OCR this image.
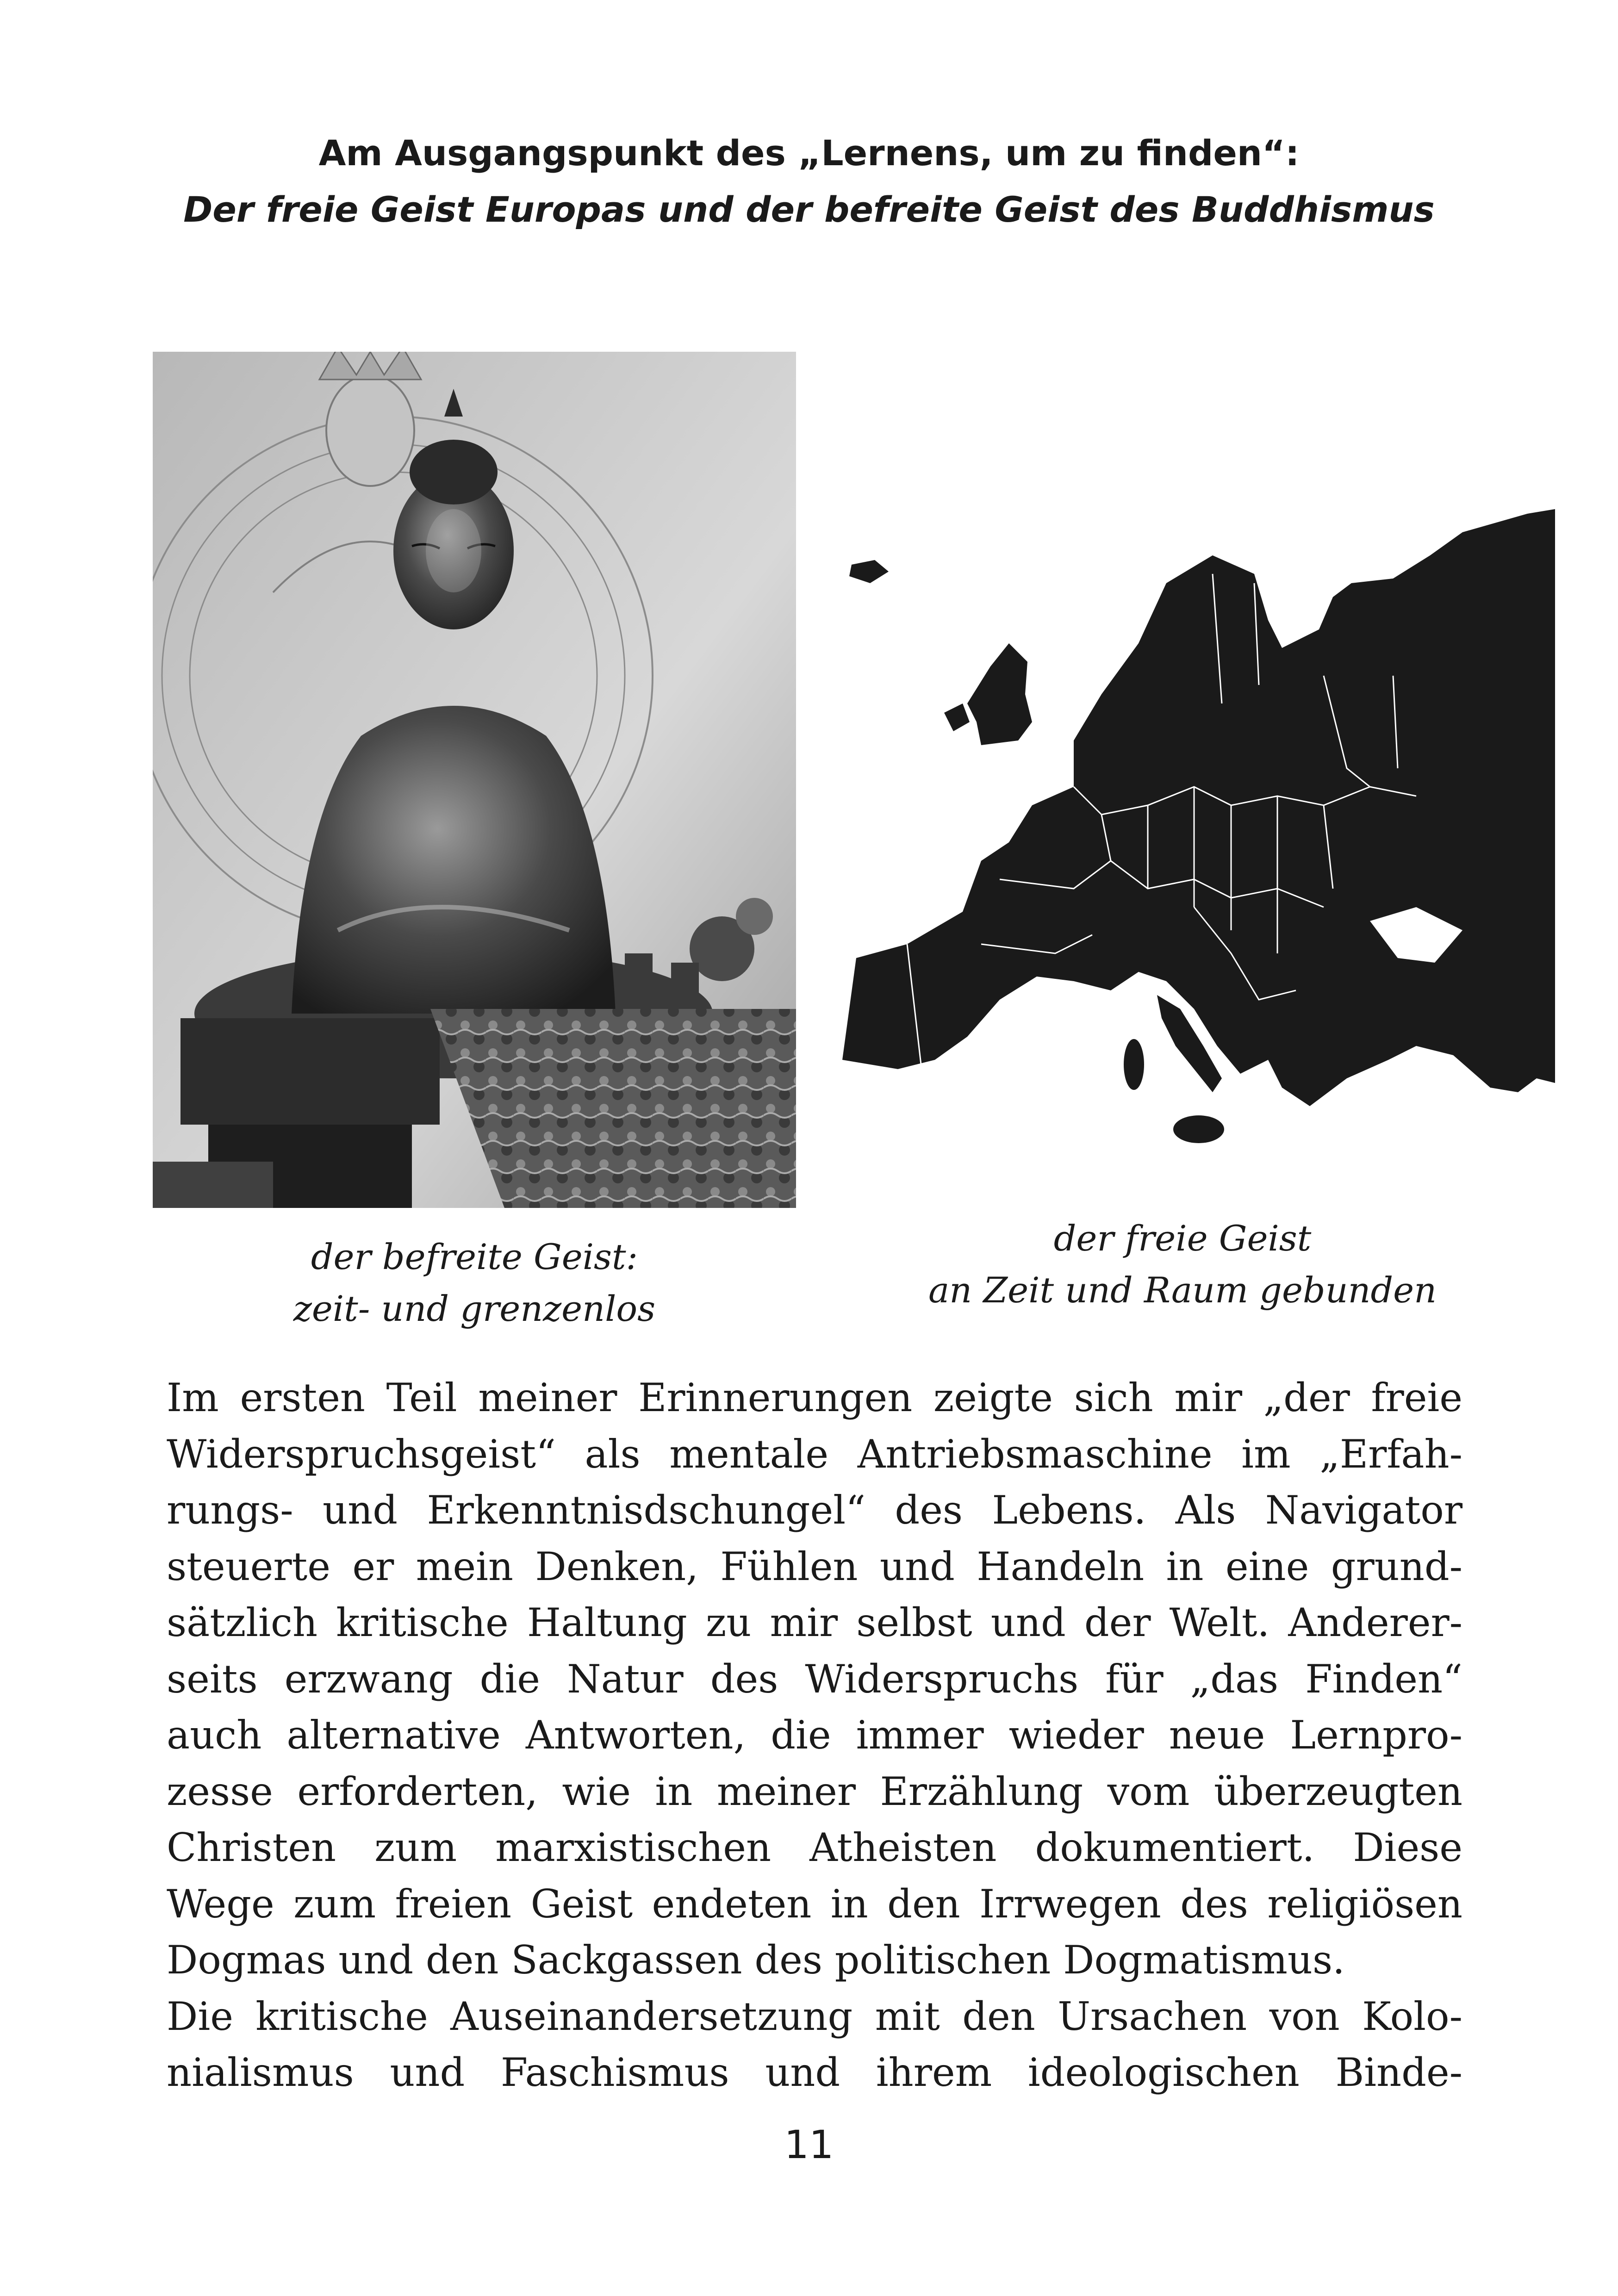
Am Ausgangspunkt des „Lernens, um zu finden“:
Der freie Geist Europas und der befreite Geist des Buddhismus
der befreite Geist:
zeit- und grenzenlos
der freie Geist
an Zeit und Raum gebunden
Im ersten Teil meiner Erinnerungen zeigte sich mir „der freie
Widerspruchsgeist“ als mentale Antriebsmaschine im „Erfah-
rungs- und Erkenntnisdschungel“ des Lebens. Als Navigator
steuerte er mein Denken, Fühlen und Handeln in eine grund-
sätzlich kritische Haltung zu mir selbst und der Welt. Anderer-
seits erzwang die Natur des Widerspruchs für „das Finden“
auch alternative Antworten, die immer wieder neue Lernpro-
zesse erforderten, wie in meiner Erzählung vom überzeugten
Christen zum marxistischen Atheisten dokumentiert. Diese
Wege zum freien Geist endeten in den Irrwegen des religiösen
Dogmas und den Sackgassen des politischen Dogmatismus.
Die kritische Auseinandersetzung mit den Ursachen von Kolo-
nialismus und Faschismus und ihrem ideologischen Binde-
11
